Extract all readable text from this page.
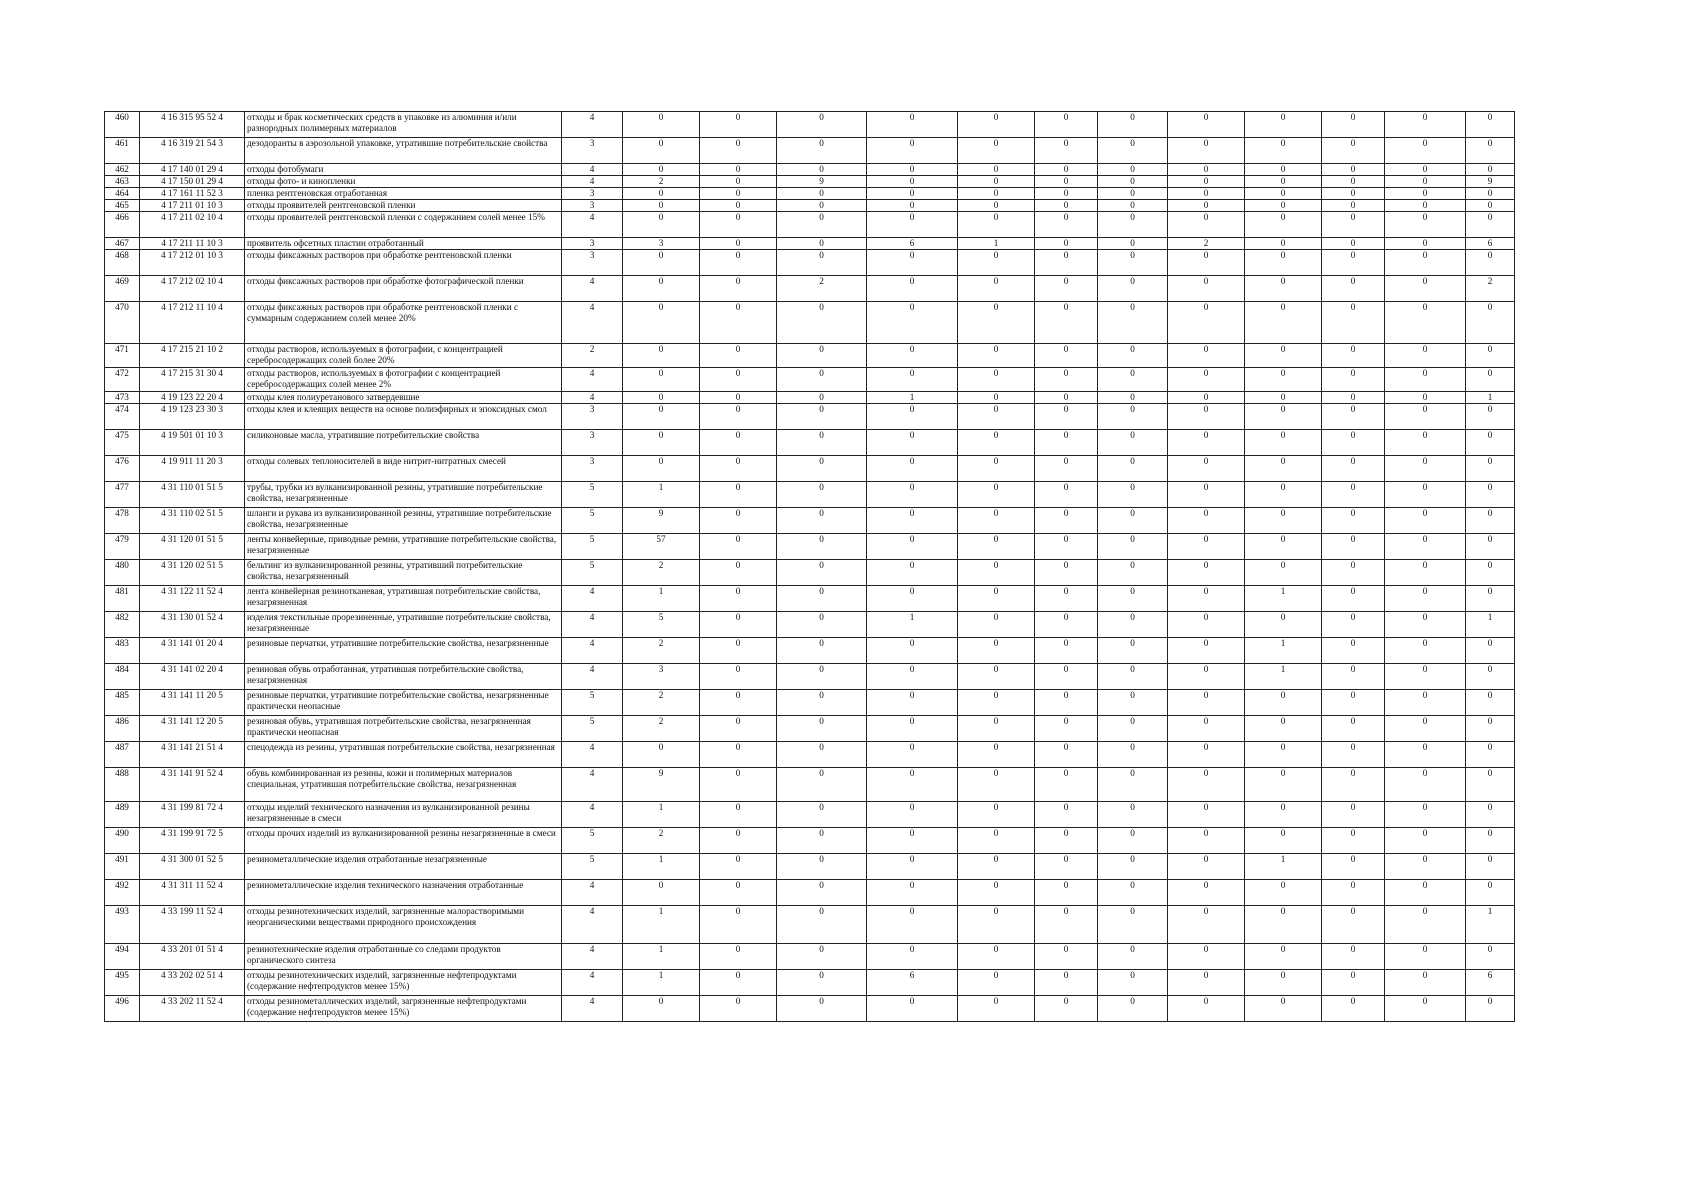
460	4 16 315 95 52 4	отходы и брак косметических средств в упаковке из алюминия и/или разнородных полимерных материалов	4	0	0	0	0	0	0	0	0	0	0	0	0
461	4 16 319 21 54 3	дезодоранты в аэрозольной упаковке, утратившие потребительские свойства	3	0	0	0	0	0	0	0	0	0	0	0	0
462	4 17 140 01 29 4	отходы фотобумаги	4	0	0	0	0	0	0	0	0	0	0	0	0
463	4 17 150 01 29 4	отходы фото- и кинопленки	4	2	0	9	0	0	0	0	0	0	0	0	9
464	4 17 161 11 52 3	пленка рентгеновская отработанная	3	0	0	0	0	0	0	0	0	0	0	0	0
465	4 17 211 01 10 3	отходы проявителей рентгеновской пленки	3	0	0	0	0	0	0	0	0	0	0	0	0
466	4 17 211 02 10 4	отходы проявителей рентгеновской пленки с содержанием солей менее 15%	4	0	0	0	0	0	0	0	0	0	0	0	0
467	4 17 211 11 10 3	проявитель офсетных пластин отработанный	3	3	0	0	6	1	0	0	2	0	0	0	6
468	4 17 212 01 10 3	отходы фиксажных растворов при обработке рентгеновской пленки	3	0	0	0	0	0	0	0	0	0	0	0	0
469	4 17 212 02 10 4	отходы фиксажных растворов при обработке фотографической пленки	4	0	0	2	0	0	0	0	0	0	0	0	2
470	4 17 212 11 10 4	отходы фиксажных растворов при обработке рентгеновской пленки с суммарным содержанием солей менее 20%	4	0	0	0	0	0	0	0	0	0	0	0	0
471	4 17 215 21 10 2	отходы растворов, используемых в фотографии, с концентрацией серебросодержащих солей более 20%	2	0	0	0	0	0	0	0	0	0	0	0	0
472	4 17 215 31 30 4	отходы растворов, используемых в фотографии с концентрацией серебросодержащих солей менее 2%	4	0	0	0	0	0	0	0	0	0	0	0	0
473	4 19 123 22 20 4	отходы клея полиуретанового затвердевшие	4	0	0	0	1	0	0	0	0	0	0	0	1
474	4 19 123 23 30 3	отходы клея и клеящих веществ на основе полиэфирных и эпоксидных смол	3	0	0	0	0	0	0	0	0	0	0	0	0
475	4 19 501 01 10 3	силиконовые масла, утратившие потребительские свойства	3	0	0	0	0	0	0	0	0	0	0	0	0
476	4 19 911 11 20 3	отходы солевых теплоносителей в виде нитрит-нитратных смесей	3	0	0	0	0	0	0	0	0	0	0	0	0
477	4 31 110 01 51 5	трубы, трубки из вулканизированной резины, утратившие потребительские свойства, незагрязненные	5	1	0	0	0	0	0	0	0	0	0	0	0
478	4 31 110 02 51 5	шланги и рукава из вулканизированной резины, утратившие потребительские свойства, незагрязненные	5	9	0	0	0	0	0	0	0	0	0	0	0
479	4 31 120 01 51 5	ленты конвейерные, приводные ремни, утратившие потребительские свойства, незагрязненные	5	57	0	0	0	0	0	0	0	0	0	0	0
480	4 31 120 02 51 5	бельтинг из вулканизированной резины, утративший потребительские свойства, незагрязненный	5	2	0	0	0	0	0	0	0	0	0	0	0
481	4 31 122 11 52 4	лента конвейерная резинотканевая, утратившая потребительские свойства, незагрязненная	4	1	0	0	0	0	0	0	0	1	0	0	0
482	4 31 130 01 52 4	изделия текстильные прорезиненные, утратившие потребительские свойства, незагрязненные	4	5	0	0	1	0	0	0	0	0	0	0	1
483	4 31 141 01 20 4	резиновые перчатки, утратившие потребительские свойства, незагрязненные	4	2	0	0	0	0	0	0	0	1	0	0	0
484	4 31 141 02 20 4	резиновая обувь отработанная, утратившая потребительские свойства, незагрязненная	4	3	0	0	0	0	0	0	0	1	0	0	0
485	4 31 141 11 20 5	резиновые перчатки, утратившие потребительские свойства, незагрязненные практически неопасные	5	2	0	0	0	0	0	0	0	0	0	0	0
486	4 31 141 12 20 5	резиновая обувь, утратившая потребительские свойства, незагрязненная практически неопасная	5	2	0	0	0	0	0	0	0	0	0	0	0
487	4 31 141 21 51 4	спецодежда из резины, утратившая потребительские свойства, незагрязненная	4	0	0	0	0	0	0	0	0	0	0	0	0
488	4 31 141 91 52 4	обувь комбинированная из резины, кожи и полимерных материалов специальная, утратившая потребительские свойства, незагрязненная	4	9	0	0	0	0	0	0	0	0	0	0	0
489	4 31 199 81 72 4	отходы изделий технического назначения из вулканизированной резины незагрязненные в смеси	4	1	0	0	0	0	0	0	0	0	0	0	0
490	4 31 199 91 72 5	отходы прочих изделий из вулканизированной резины незагрязненные в смеси	5	2	0	0	0	0	0	0	0	0	0	0	0
491	4 31 300 01 52 5	резинометаллические изделия отработанные незагрязненные	5	1	0	0	0	0	0	0	0	1	0	0	0
492	4 31 311 11 52 4	резинометаллические изделия технического назначения отработанные	4	0	0	0	0	0	0	0	0	0	0	0	0
493	4 33 199 11 52 4	отходы резинотехнических изделий, загрязненные малорастворимыми неорганическими веществами природного происхождения	4	1	0	0	0	0	0	0	0	0	0	0	1
494	4 33 201 01 51 4	резинотехнические изделия отработанные со следами продуктов органического синтеза	4	1	0	0	0	0	0	0	0	0	0	0	0
495	4 33 202 02 51 4	отходы резинотехнических изделий, загрязненные нефтепродуктами (содержание нефтепродуктов менее 15%)	4	1	0	0	6	0	0	0	0	0	0	0	6
496	4 33 202 11 52 4	отходы резинометаллических изделий, загрязненные нефтепродуктами (содержание нефтепродуктов менее 15%)	4	0	0	0	0	0	0	0	0	0	0	0	0
